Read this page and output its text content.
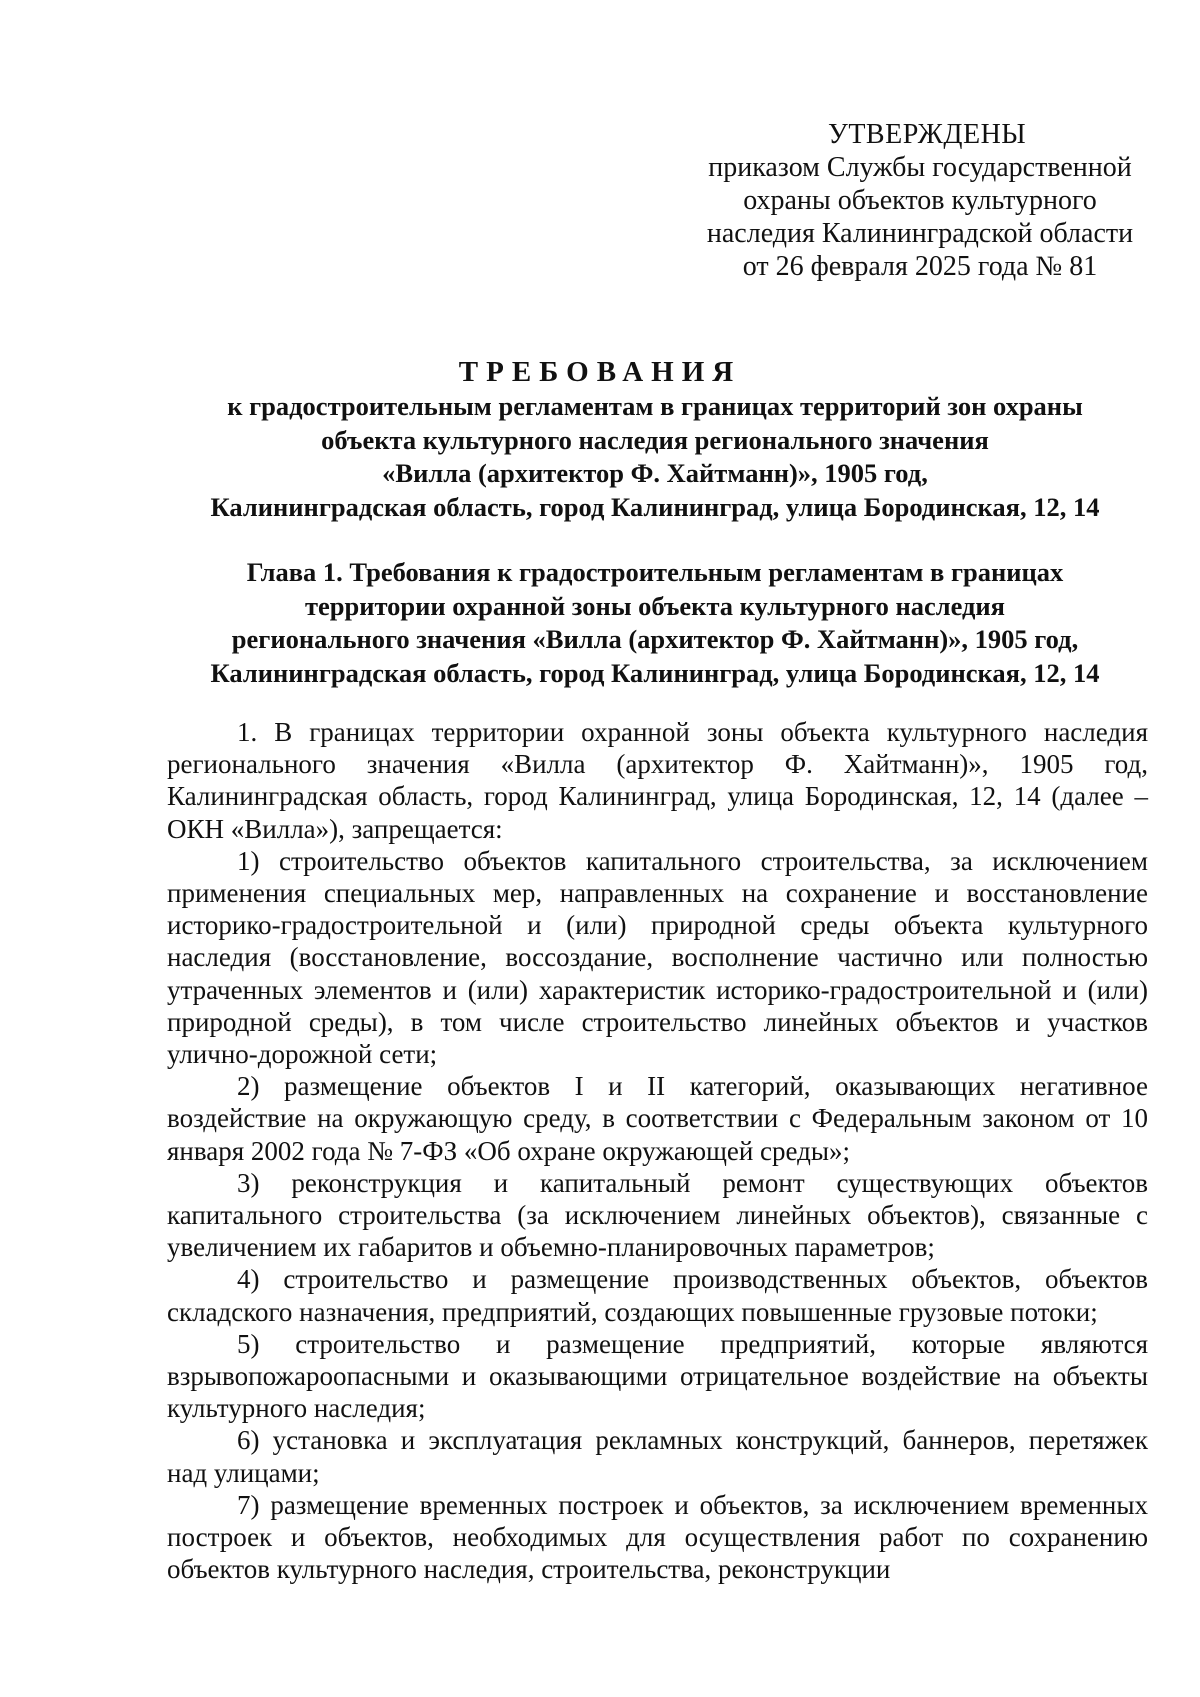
УТВЕРЖДЕНЫ
приказом Службы государственной
охраны объектов культурного
наследия Калининградской области
от 26 февраля 2025 года № 81
ТРЕБОВАНИЯ
к градостроительным регламентам в границах территорий зон охраны
объекта культурного наследия регионального значения
«Вилла (архитектор Ф. Хайтманн)», 1905 год,
Калининградская область, город Калининград, улица Бородинская, 12, 14
Глава 1. Требования к градостроительным регламентам в границах
территории охранной зоны объекта культурного наследия
регионального значения «Вилла (архитектор Ф. Хайтманн)», 1905 год,
Калининградская область, город Калининград, улица Бородинская, 12, 14

1. В границах территории охранной зоны объекта культурного наследия регионального значения «Вилла (архитектор Ф. Хайтманн)», 1905 год, Калининградская область, город Калининград, улица Бородинская, 12, 14 (далее – ОКН «Вилла»), запрещается:

1) строительство объектов капитального строительства, за исключением применения специальных мер, направленных на сохранение и восстановление историко-градостроительной и (или) природной среды объекта культурного наследия (восстановление, воссоздание, восполнение частично или полностью утраченных элементов и (или) характеристик историко-градостроительной и (или) природной среды), в том числе строительство линейных объектов и участков улично-дорожной сети;

2) размещение объектов I и II категорий, оказывающих негативное воздействие на окружающую среду, в соответствии с Федеральным законом от 10 января 2002 года № 7-ФЗ «Об охране окружающей среды»;

3) реконструкция и капитальный ремонт существующих объектов капитального строительства (за исключением линейных объектов), связанные с увеличением их габаритов и объемно-планировочных параметров;

4) строительство и размещение производственных объектов, объектов складского назначения, предприятий, создающих повышенные грузовые потоки;

5) строительство и размещение предприятий, которые являются взрывопожароопасными и оказывающими отрицательное воздействие на объекты культурного наследия;

6) установка и эксплуатация рекламных конструкций, баннеров, перетяжек над улицами;

7) размещение временных построек и объектов, за исключением временных построек и объектов, необходимых для осуществления работ по сохранению объектов культурного наследия, строительства, реконструкции
